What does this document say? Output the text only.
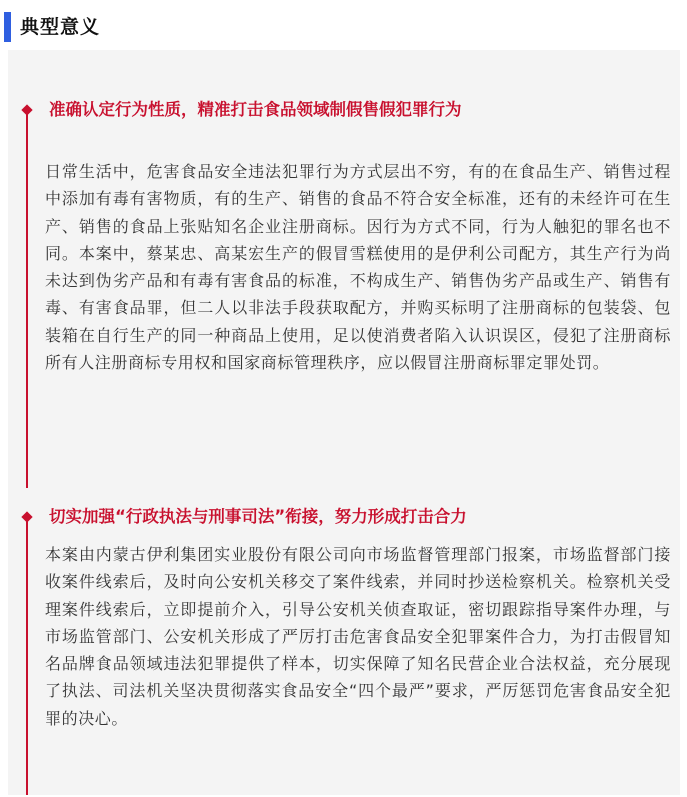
典型意义
准确认定行为性质，精准打击食品领域制假售假犯罪行为
日常生活中，危害食品安全违法犯罪行为方式层出不穷，有的在食品生产、销售过程中添加有毒有害物质，有的生产、销售的食品不符合安全标准，还有的未经许可在生产、销售的食品上张贴知名企业注册商标。因行为方式不同，行为人触犯的罪名也不同。本案中，蔡某忠、高某宏生产的假冒雪糕使用的是伊利公司配方，其生产行为尚未达到伪劣产品和有毒有害食品的标准，不构成生产、销售伪劣产品或生产、销售有毒、有害食品罪，但二人以非法手段获取配方，并购买标明了注册商标的包装袋、包装箱在自行生产的同一种商品上使用，足以使消费者陷入认识误区，侵犯了注册商标所有人注册商标专用权和国家商标管理秩序，应以假冒注册商标罪定罪处罚。
切实加强“行政执法与刑事司法”衔接，努力形成打击合力
本案由内蒙古伊利集团实业股份有限公司向市场监督管理部门报案，市场监督部门接收案件线索后，及时向公安机关移交了案件线索，并同时抄送检察机关。检察机关受理案件线索后，立即提前介入，引导公安机关侦查取证，密切跟踪指导案件办理，与市场监管部门、公安机关形成了严厉打击危害食品安全犯罪案件合力，为打击假冒知名品牌食品领域违法犯罪提供了样本，切实保障了知名民营企业合法权益，充分展现了执法、司法机关坚决贯彻落实食品安全“四个最严”要求，严厉惩罚危害食品安全犯罪的决心。
